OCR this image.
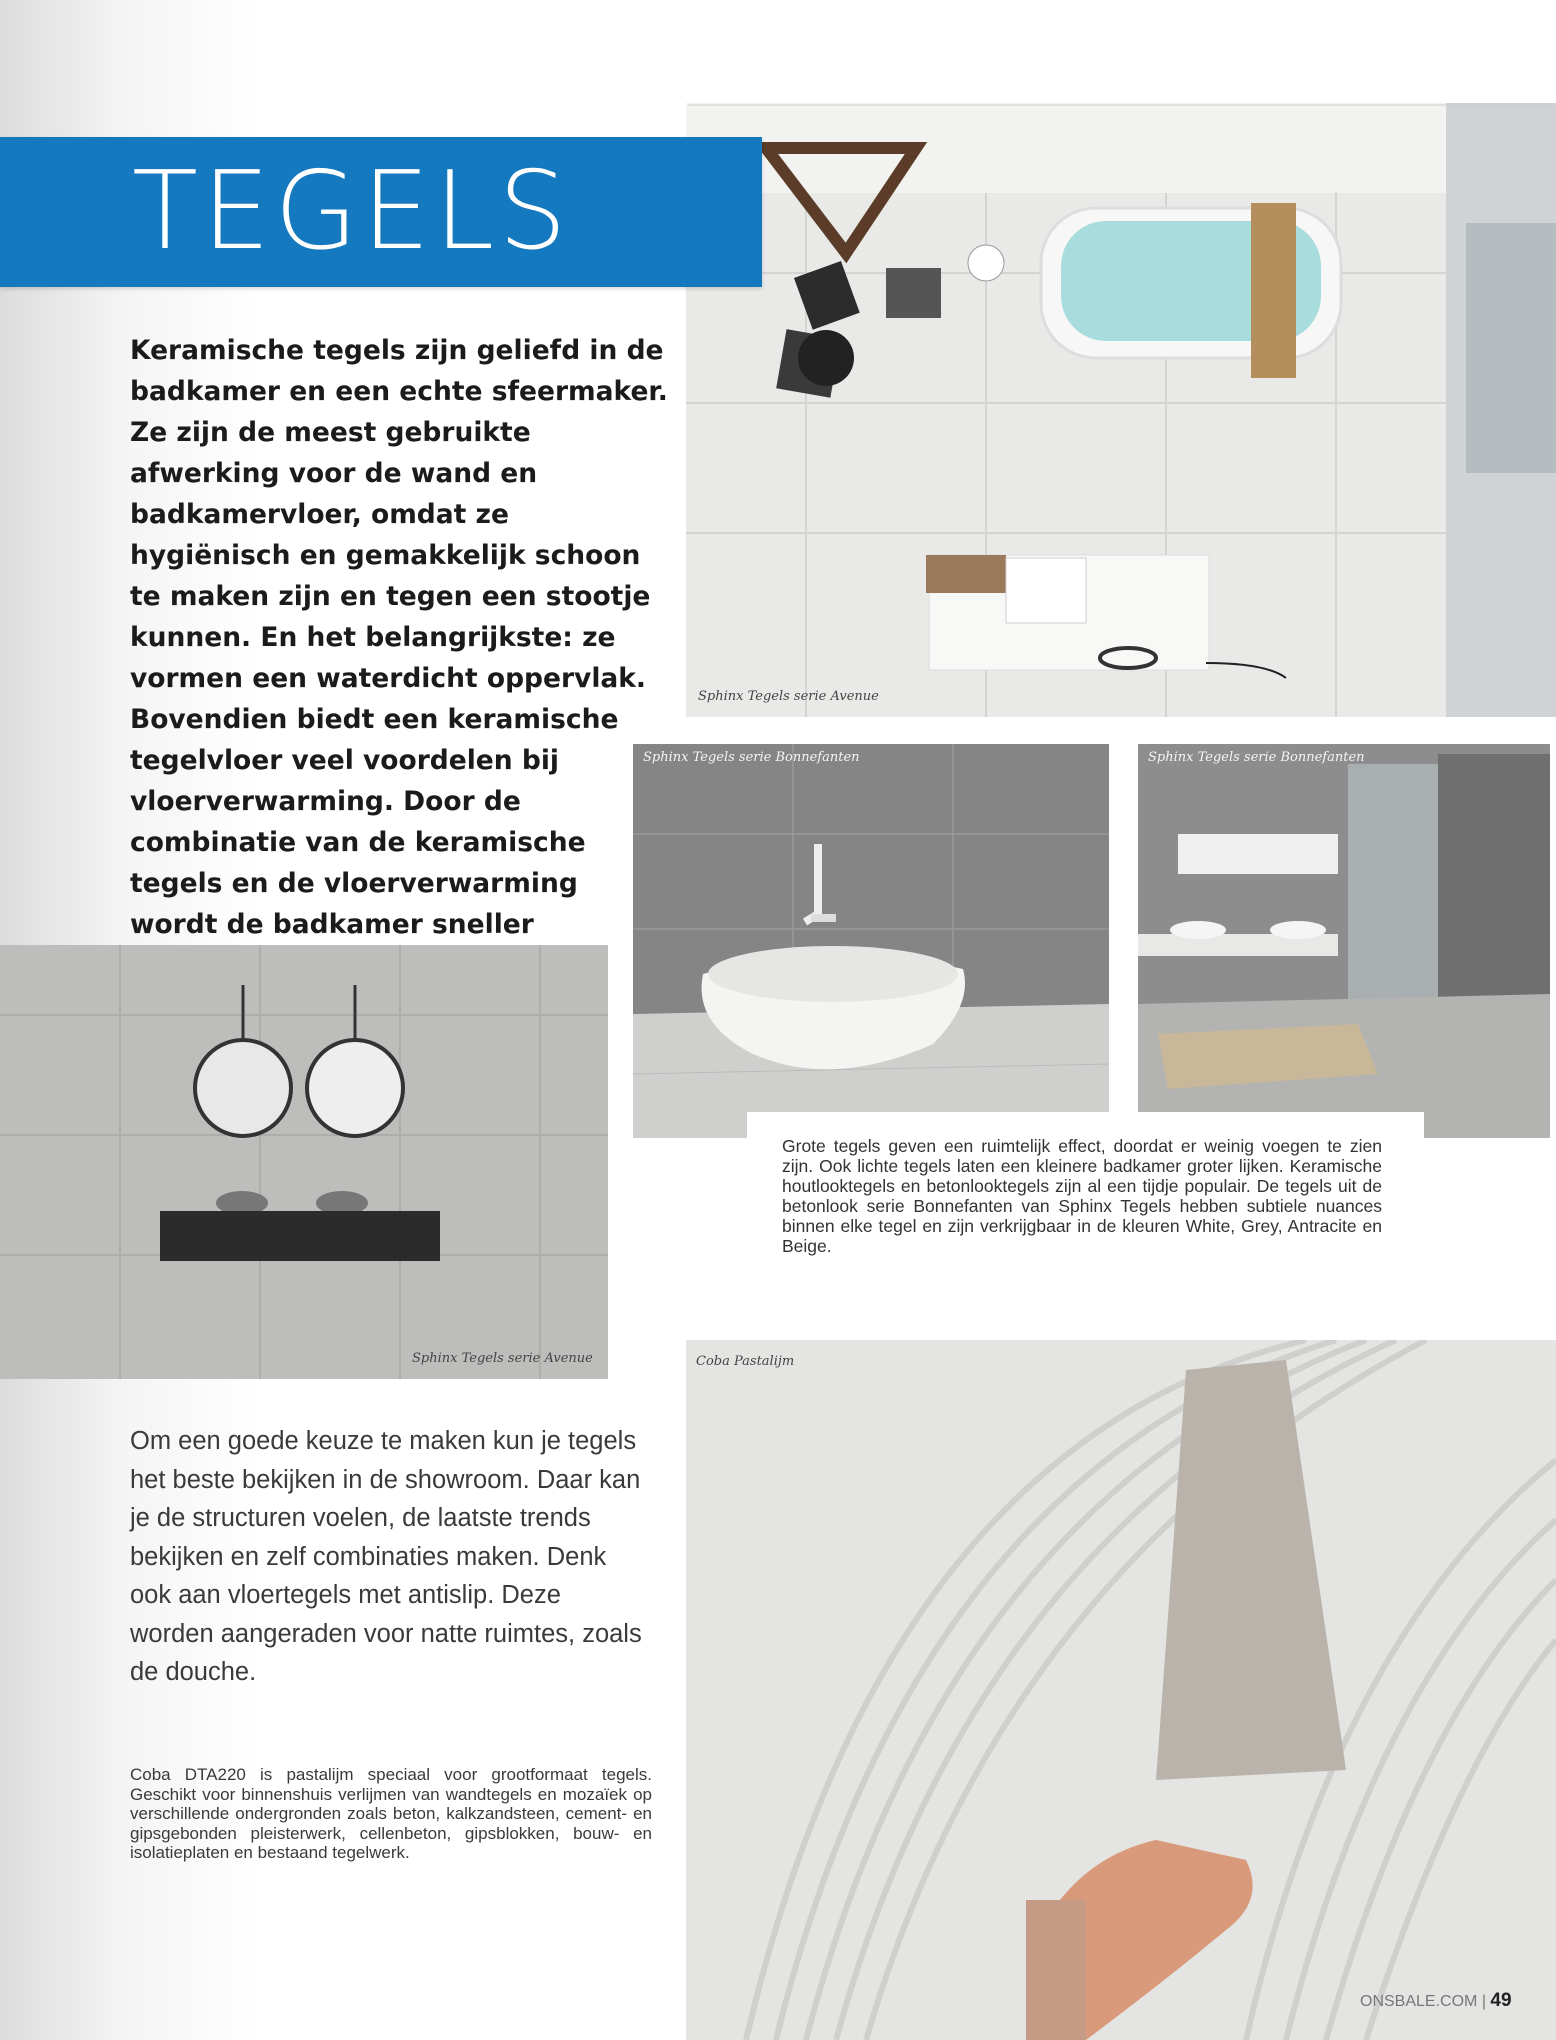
Sphinx Tegels serie Avenue
TEGELS
Keramische tegels zijn geliefd in de badkamer en een echte sfeermaker. Ze zijn de meest gebruikte afwerking voor de wand en badkamervloer, omdat ze hygiënisch en gemakkelijk schoon te maken zijn en tegen een stootje kunnen. En het belangrijkste: ze vormen een waterdicht oppervlak. Bovendien biedt een keramische tegelvloer veel voordelen bij vloerverwarming. Door de combinatie van de keramische tegels en de vloerverwarming wordt de badkamer sneller
Sphinx Tegels serie Bonnefanten	Sphinx Tegels serie Bonnefanten
Sphinx Tegels serie Avenue
Grote tegels geven een ruimtelijk effect, doordat er weinig voegen te zien zijn. Ook lichte tegels laten een kleinere badkamer groter lijken. Keramische houtlooktegels en betonlooktegels zijn al een tijdje populair. De tegels uit de betonlook serie Bonnefanten van Sphinx Tegels hebben subtiele nuances binnen elke tegel en zijn verkrijgbaar in de kleuren White, Grey, Antracite en Beige.
Coba Pastalijm
Om een goede keuze te maken kun je tegels het beste bekijken in de showroom. Daar kan je de structuren voelen, de laatste trends bekijken en zelf combinaties maken. Denk ook aan vloertegels met antislip. Deze worden aangeraden voor natte ruimtes, zoals de douche.
Coba DTA220 is pastalijm speciaal voor grootformaat tegels. Geschikt voor binnenshuis verlijmen van wandtegels en mozaïek op verschillende ondergronden zoals beton, kalkzandsteen, cement- en gipsgebonden pleisterwerk, cellenbeton, gipsblokken, bouw- en isolatieplaten en bestaand tegelwerk.
ONSBALE.COM | 49
